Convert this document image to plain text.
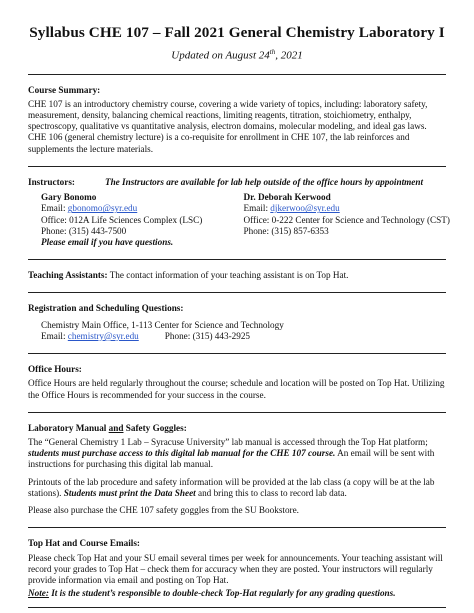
Syllabus CHE 107 – Fall 2021 General Chemistry Laboratory I
Updated on August 24th, 2021

Course Summary:

CHE 107 is an introductory chemistry course, covering a wide variety of topics, including: laboratory safety, measurement, density, balancing chemical reactions, limiting reagents, titration, stoichiometry, enthalpy, spectroscopy, qualitative vs quantitative analysis, electron domains, molecular modeling, and ideal gas laws. CHE 106 (general chemistry lecture) is a co-requisite for enrollment in CHE 107, the lab reinforces and supplements the lecture materials.

Instructors:	The Instructors are available for lab help outside of the office hours by appointment

Gary Bonomo

Email: gbonomo@syr.edu

Office: 012A Life Sciences Complex (LSC)

Phone: (315) 443-7500

Please email if you have questions.

Dr. Deborah Kerwood

Email: djkerwoo@syr.edu

Office: 0-222 Center for Science and Technology (CST)

Phone: (315) 857-6353

Teaching Assistants: The contact information of your teaching assistant is on Top Hat.

Registration and Scheduling Questions:

Chemistry Main Office, 1-113 Center for Science and Technology

Email: chemistry@syr.edu	Phone: (315) 443-2925

Office Hours:

Office Hours are held regularly throughout the course; schedule and location will be posted on Top Hat. Utilizing the Office Hours is recommended for your success in the course.

Laboratory Manual and Safety Goggles:

The “General Chemistry 1 Lab – Syracuse University” lab manual is accessed through the Top Hat platform; students must purchase access to this digital lab manual for the CHE 107 course. An email will be sent with instructions for purchasing this digital lab manual.

Printouts of the lab procedure and safety information will be provided at the lab class (a copy will be at the lab stations). Students must print the Data Sheet and bring this to class to record lab data.

Please also purchase the CHE 107 safety goggles from the SU Bookstore.

Top Hat and Course Emails:

Please check Top Hat and your SU email several times per week for announcements. Your teaching assistant will record your grades to Top Hat – check them for accuracy when they are posted. Your instructors will regularly provide information via email and posting on Top Hat.

Note: It is the student’s responsible to double-check Top-Hat regularly for any grading questions.
